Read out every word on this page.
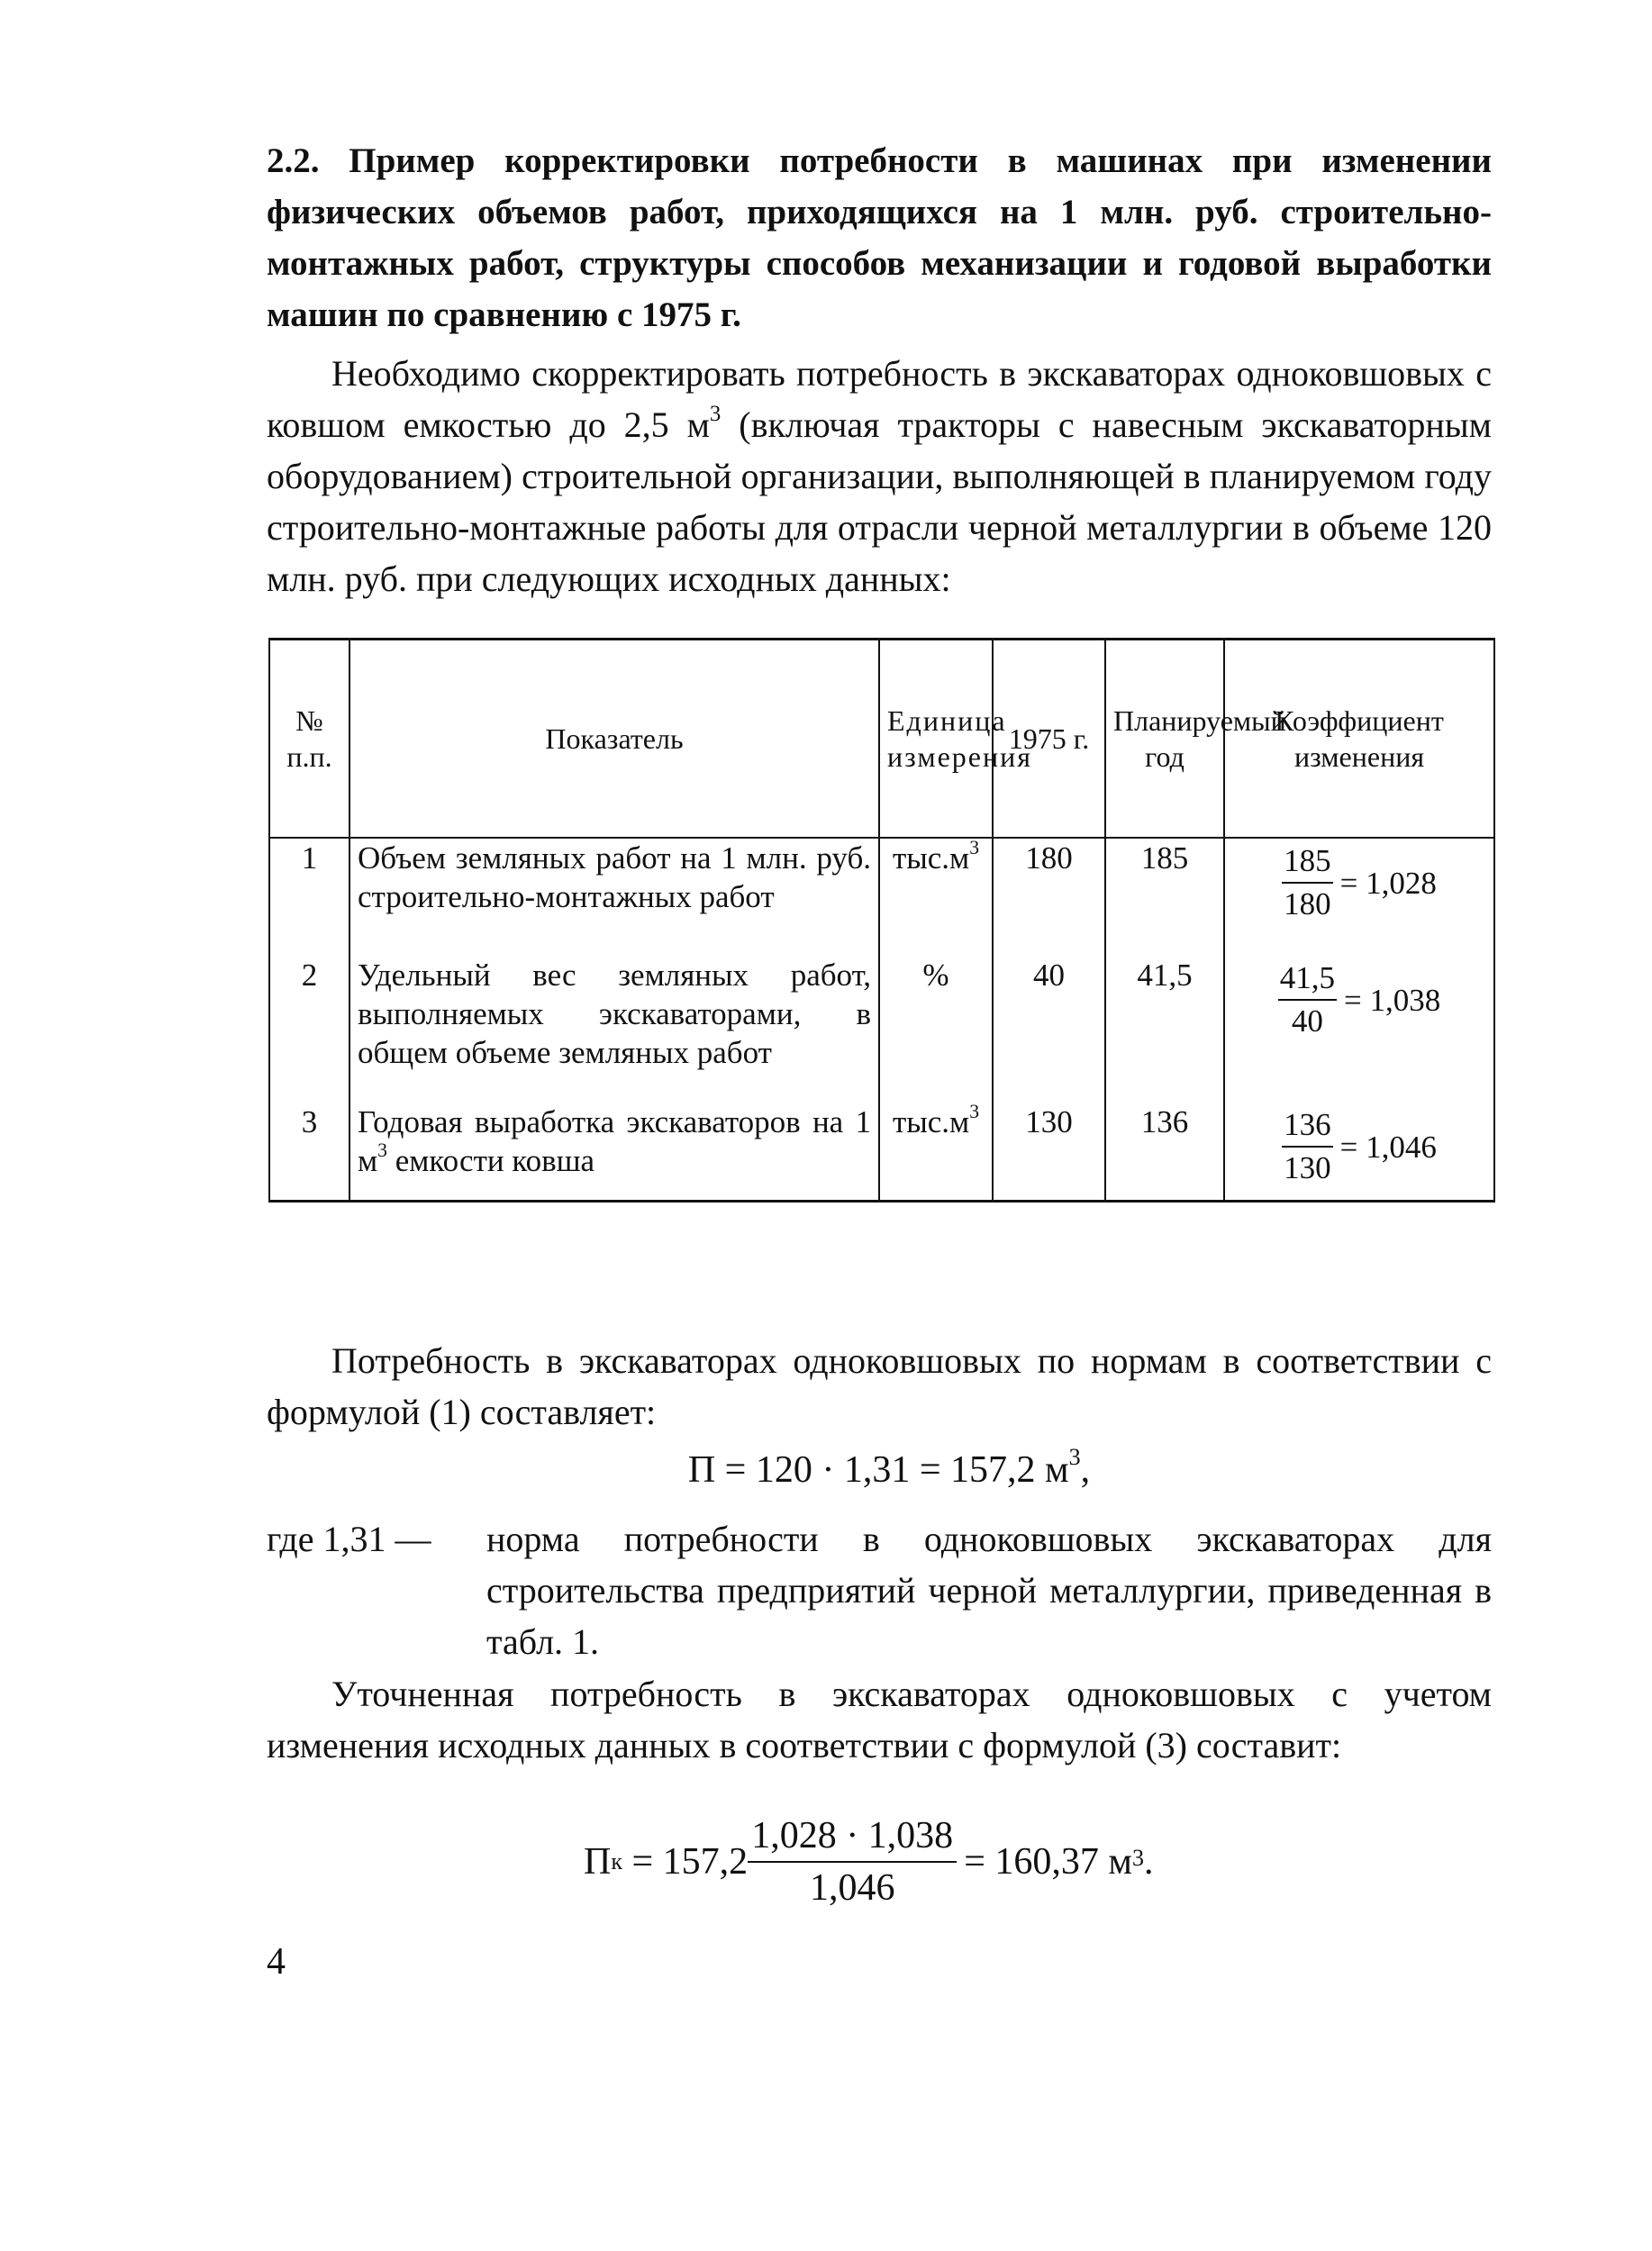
2.2. Пример корректировки потребности в машинах при изменении физических объемов работ, приходящихся на 1 млн. руб. строительно-монтажных работ, структуры способов механизации и годовой выработки машин по сравнению с 1975 г.
Необходимо скорректировать потребность в экскаваторах одноковшовых с ковшом емкостью до 2,5 $м^3$ (включая тракторы с навесным экскаваторным оборудованием) строительной организации, выполняющей в планируемом году строительно-монтажные работы для отрасли черной металлургии в объеме 120 млн. руб. при следующих исходных данных:
№ п.п.	Показатель	Единица измерения	1975 г.	Планируемый год	Коэффициент изменения
1	Объем земляных работ на 1 млн. руб. строительно-монтажных работ	$тыс.м^3$	180	185	$\frac{185}{180} = 1,028$

2	Удельный вес земляных работ, выполняемых экскаваторами, в общем объеме земляных работ	%	40	41,5	$\frac{41,5}{40} = 1,038$

3	Годовая выработка экскаваторов на 1 $м^3$ емкости ковша	$тыс.м^3$	130	136	$\frac{136}{130} = 1,046$
Потребность в экскаваторах одноковшовых по нормам в соответствии с формулой (1) составляет:
П = 120 · 1,31 = 157,2 $м^3$,
где 1,31 —	норма потребности в одноковшовых экскаваторах для строительства предприятий черной металлургии, приведенная в табл. 1.
Уточненная потребность в экскаваторах одноковшовых с учетом изменения исходных данных в соответствии с формулой (3) составит:
П $к = 157,2 \frac{1,028 \cdot 1,038}{1,046} = 160,37$ $м^3$ .
4
